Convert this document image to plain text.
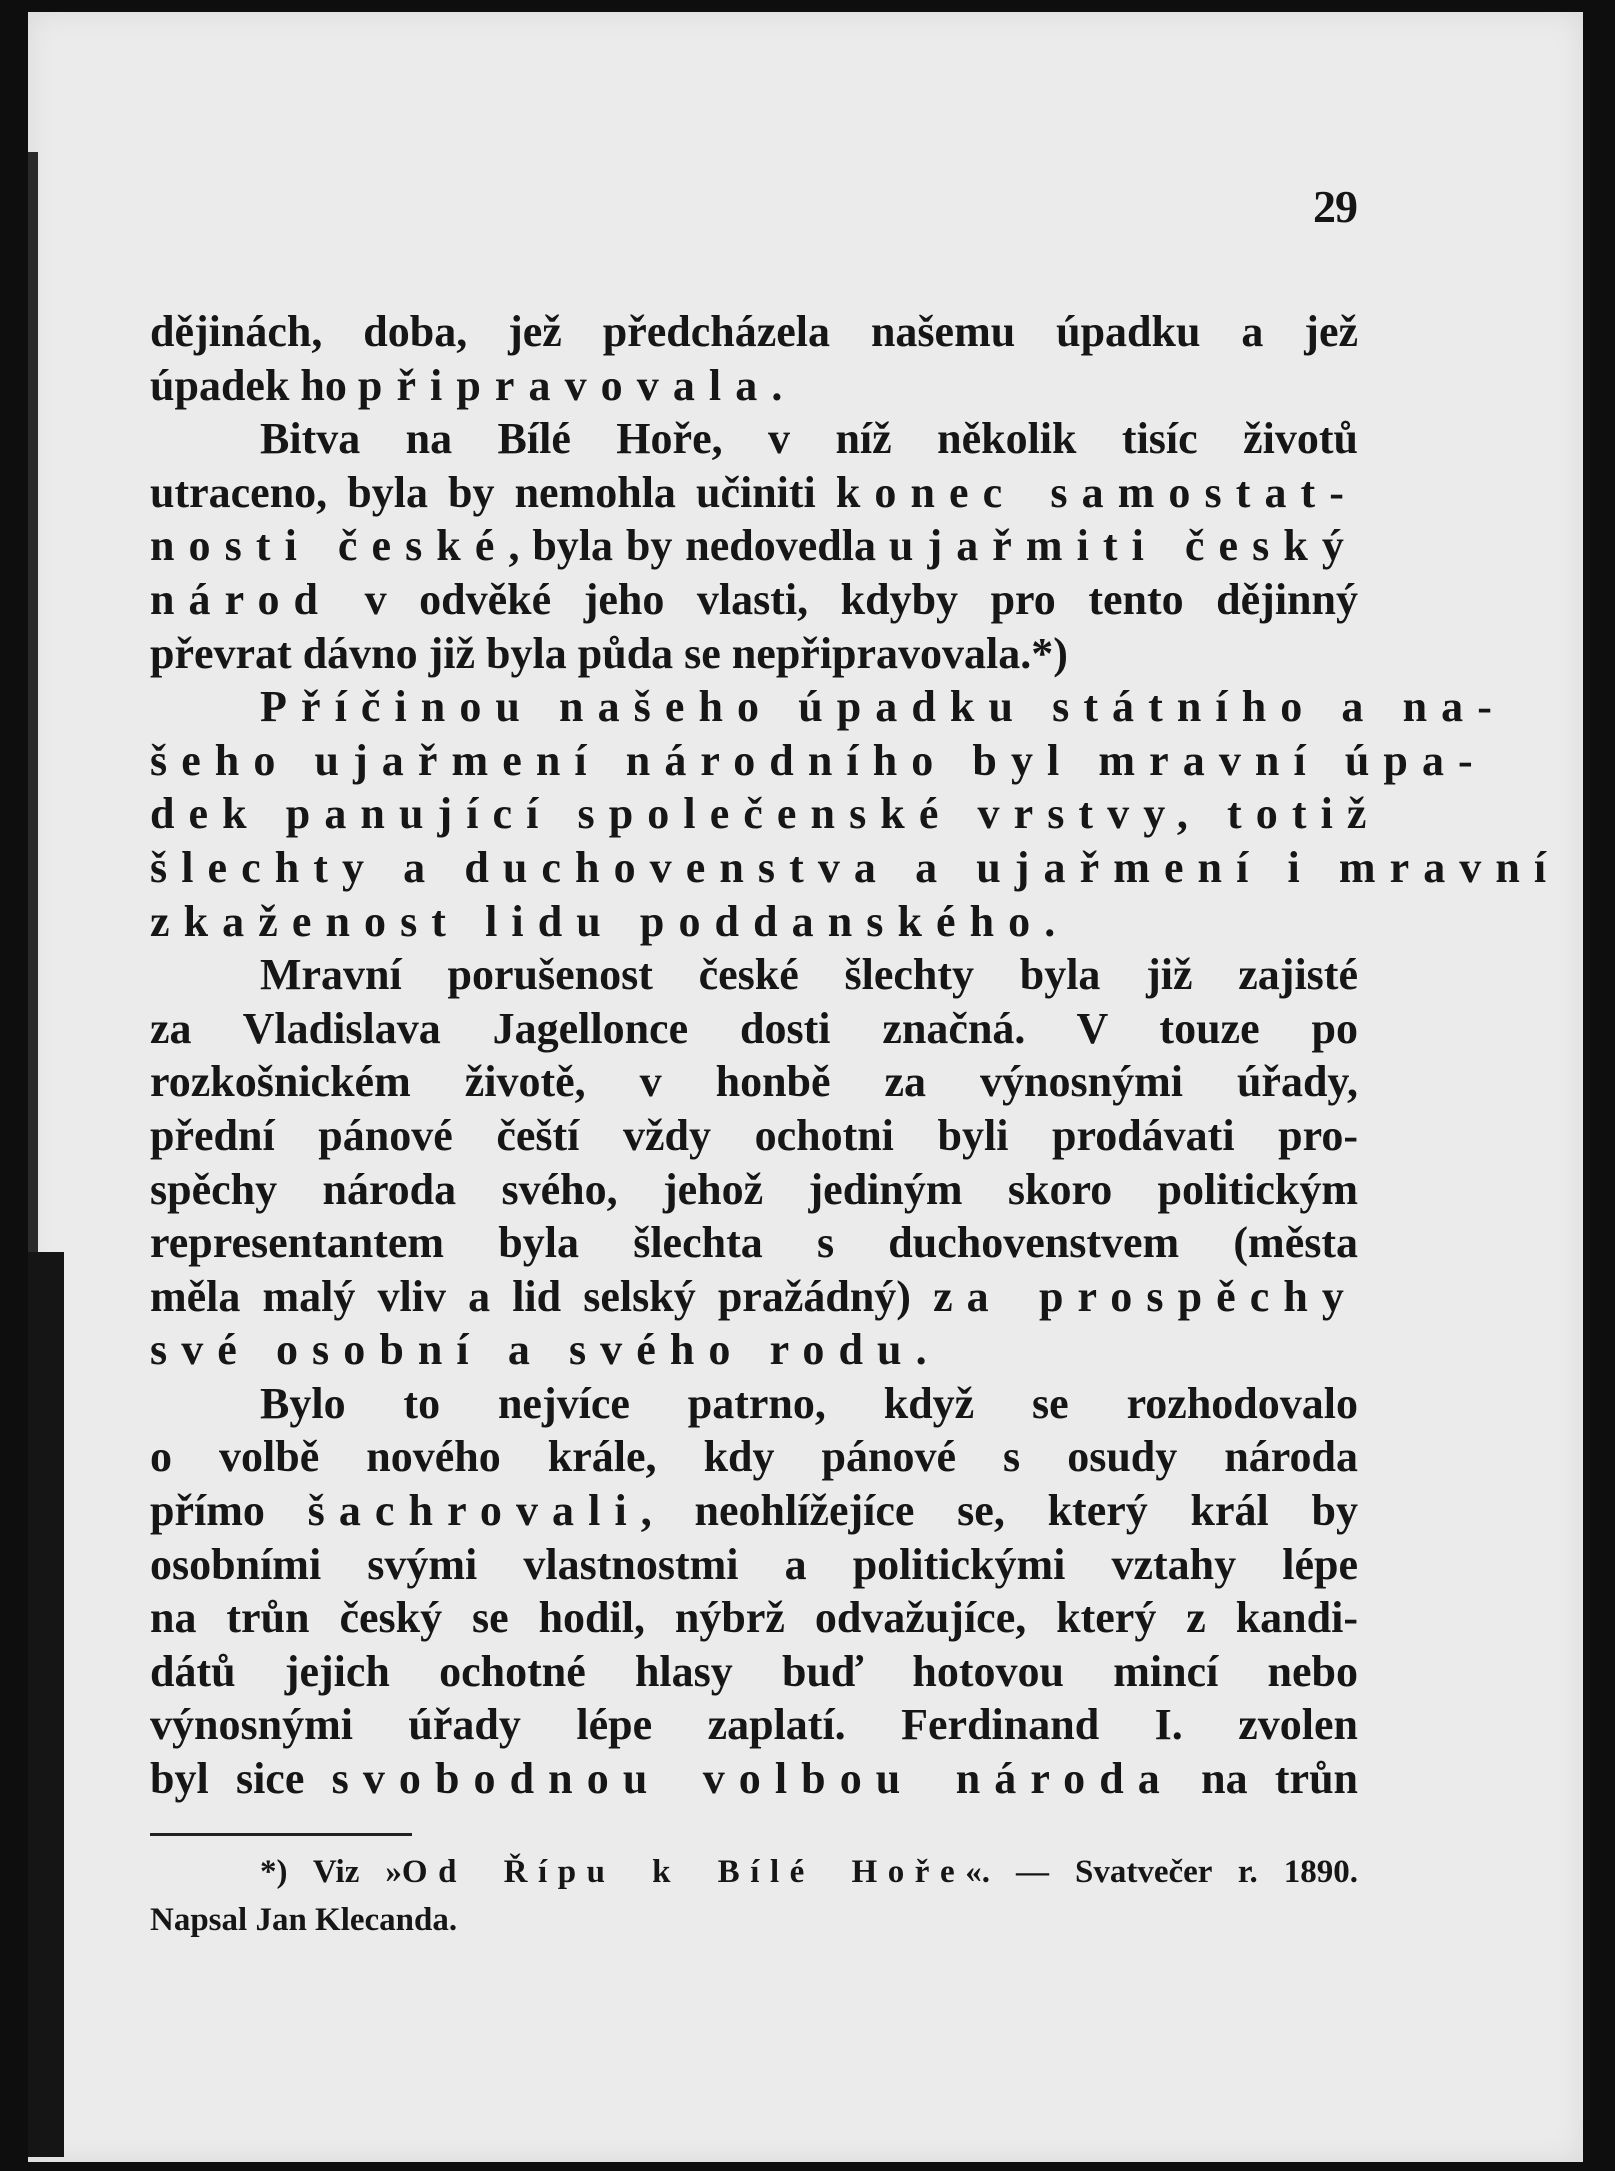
29
dějinách, doba, jež předcházela našemu úpadku a jež
úpadek ho připravovala.
Bitva na Bílé Hoře, v níž několik tisíc životů
utraceno, byla by nemohla učiniti konec samostat-
nosti české, byla by nedovedla ujařmiti český
národ v odvěké jeho vlasti, kdyby pro tento dějinný
převrat dávno již byla půda se nepřipravovala.*)
Příčinou našeho úpadku státního a na-
šeho ujařmení národního byl mravní úpa-
dek panující společenské vrstvy, totiž
šlechty a duchovenstva a ujařmení i mravní
zkaženost lidu poddanského.
Mravní porušenost české šlechty byla již zajisté
za Vladislava Jagellonce dosti značná. V touze po
rozkošnickém životě, v honbě za výnosnými úřady,
přední pánové čeští vždy ochotni byli prodávati pro-
spěchy národa svého, jehož jediným skoro politickým
representantem byla šlechta s duchovenstvem (města
měla malý vliv a lid selský pražádný) za prospěchy
své osobní a svého rodu.
Bylo to nejvíce patrno, když se rozhodovalo
o volbě nového krále, kdy pánové s osudy národa
přímo šachrovali, neohlížejíce se, který král by
osobními svými vlastnostmi a politickými vztahy lépe
na trůn český se hodil, nýbrž odvažujíce, který z kandi-
dátů jejich ochotné hlasy buď hotovou mincí nebo
výnosnými úřady lépe zaplatí. Ferdinand I. zvolen
byl sice svobodnou volbou národa na trůn
*) Viz »Od Řípu k Bílé Hoře«. — Svatvečer r. 1890.
Napsal Jan Klecanda.
